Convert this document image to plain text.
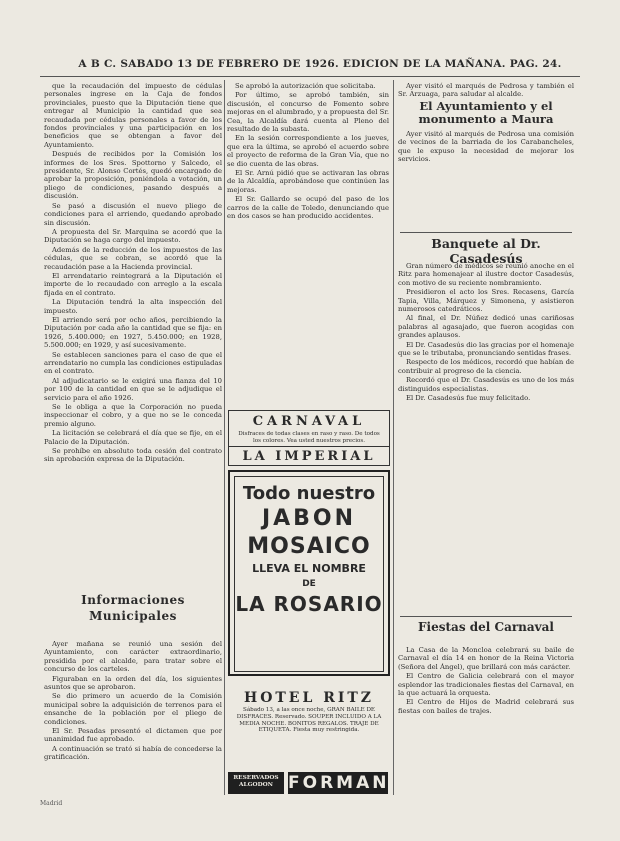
A B C. SABADO 13 DE FEBRERO DE 1926. EDICION DE LA MAÑANA. PAG. 24.

que la recaudación del impuesto de cédulas personales ingrese en la Caja de fondos provinciales, puesto que la Diputación tiene que entregar al Municipio la cantidad que sea recaudada por cédulas personales a favor de los fondos provinciales y una participación en los beneficios que se obtengan a favor del Ayuntamiento.

Después de recibidos por la Comisión los informes de los Sres. Spottorno y Salcedo, el presidente, Sr. Alonso Cortés, quedó encargado de aprobar la proposición, poniéndola a votación, un pliego de condiciones, pasando después a discusión.

Se pasó a discusión el nuevo pliego de condiciones para el arriendo, quedando aprobado sin discusión.

A propuesta del Sr. Marquina se acordó que la Diputación se haga cargo del impuesto.

Además de la reducción de los impuestos de las cédulas, que se cobran, se acordó que la recaudación pase a la Hacienda provincial.

El arrendatario reintegrará a la Diputación el importe de lo recaudado con arreglo a la escala fijada en el contrato.

La Diputación tendrá la alta inspección del impuesto.

El arriendo será por ocho años, percibiendo la Diputación por cada año la cantidad que se fija: en 1926, 5.400.000; en 1927, 5.450.000; en 1928, 5.500.000; en 1929, y así sucesivamente.

Se establecen sanciones para el caso de que el arrendatario no cumpla las condiciones estipuladas en el contrato.

Al adjudicatario se le exigirá una fianza del 10 por 100 de la cantidad en que se le adjudique el servicio para el año 1926.

Se le obliga a que la Corporación no pueda inspeccionar el cobro, y a que no se le conceda premio alguno.

La licitación se celebrará el día que se fije, en el Palacio de la Diputación.

Se prohíbe en absoluto toda cesión del contrato sin aprobación expresa de la Diputación.

Informaciones Municipales

Ayer mañana se reunió una sesión del Ayuntamiento, con carácter extraordinario, presidida por el alcalde, para tratar sobre el concurso de los carteles.

Figuraban en la orden del día, los siguientes asuntos que se aprobaron.

Se dio primero un acuerdo de la Comisión municipal sobre la adquisición de terrenos para el ensanche de la población por el pliego de condiciones.

El Sr. Pesadas presentó el dictamen que por unanimidad fue aprobado.

A continuación se trató si había de concederse la gratificación.

Se aprobó la autorización que solicitaba.

Por último, se aprobó también, sin discusión, el concurso de Fomento sobre mejoras en el alumbrado, y a propuesta del Sr. Cea, la Alcaldía dará cuenta al Pleno del resultado de la subasta.

En la sesión correspondiente a los jueves, que era la última, se aprobó el acuerdo sobre el proyecto de reforma de la Gran Vía, que no se dio cuenta de las obras.

El Sr. Arnú pidió que se activaran las obras de la Alcaldía, aprobándose que continúen las mejoras.

El Sr. Gallardo se ocupó del paso de los carros de la calle de Toledo, denunciando que en dos casos se han producido accidentes.

CARNAVAL
Disfraces de todas clases en raso y raso. De todos los colores. Vea usted nuestros precios.
LA IMPERIAL
Todo nuestro
JABON
MOSAICO
LLEVA EL NOMBRE
DE
LA ROSARIO
HOTEL RITZ
Sábado 13, a las once noche, GRAN BAILE DE DISFRACES. Reservado. SOUPER INCLUIDO A LA MEDIA NOCHE. BONITOS REGALOS. TRAJE DE ETIQUETA. Fiesta muy restringida.
RESERVADOS ALGODON FORMAN

Ayer visitó el marqués de Pedrosa y también el Sr. Arzuaga, para saludar al alcalde.

El Ayuntamiento y el monumento a Maura

Ayer visitó al marqués de Pedrosa una comisión de vecinos de la barriada de los Carabancheles, que le expuso la necesidad de mejorar los servicios.

Banquete al Dr. Casadesús

Gran número de médicos se reunió anoche en el Ritz para homenajear al ilustre doctor Casadesús, con motivo de su reciente nombramiento.

Presidieron el acto los Sres. Recasens, García Tapia, Villa, Márquez y Simonena, y asistieron numerosos catedráticos.

Al final, el Dr. Núñez dedicó unas cariñosas palabras al agasajado, que fueron acogidas con grandes aplausos.

El Dr. Casadesús dio las gracias por el homenaje que se le tributaba, pronunciando sentidas frases.

Respecto de los médicos, recordó que habían de contribuir al progreso de la ciencia.

Recordó que el Dr. Casadesús es uno de los más distinguidos especialistas.

El Dr. Casadesús fue muy felicitado.

Fiestas del Carnaval

La Casa de la Moncloa celebrará su baile de Carnaval el día 14 en honor de la Reina Victoria (Señora del Ángel), que brillará con más carácter.

El Centro de Galicia celebrará con el mayor esplendor las tradicionales fiestas del Carnaval, en la que actuará la orquesta.

El Centro de Hijos de Madrid celebrará sus fiestas con bailes de trajes.

Madrid
